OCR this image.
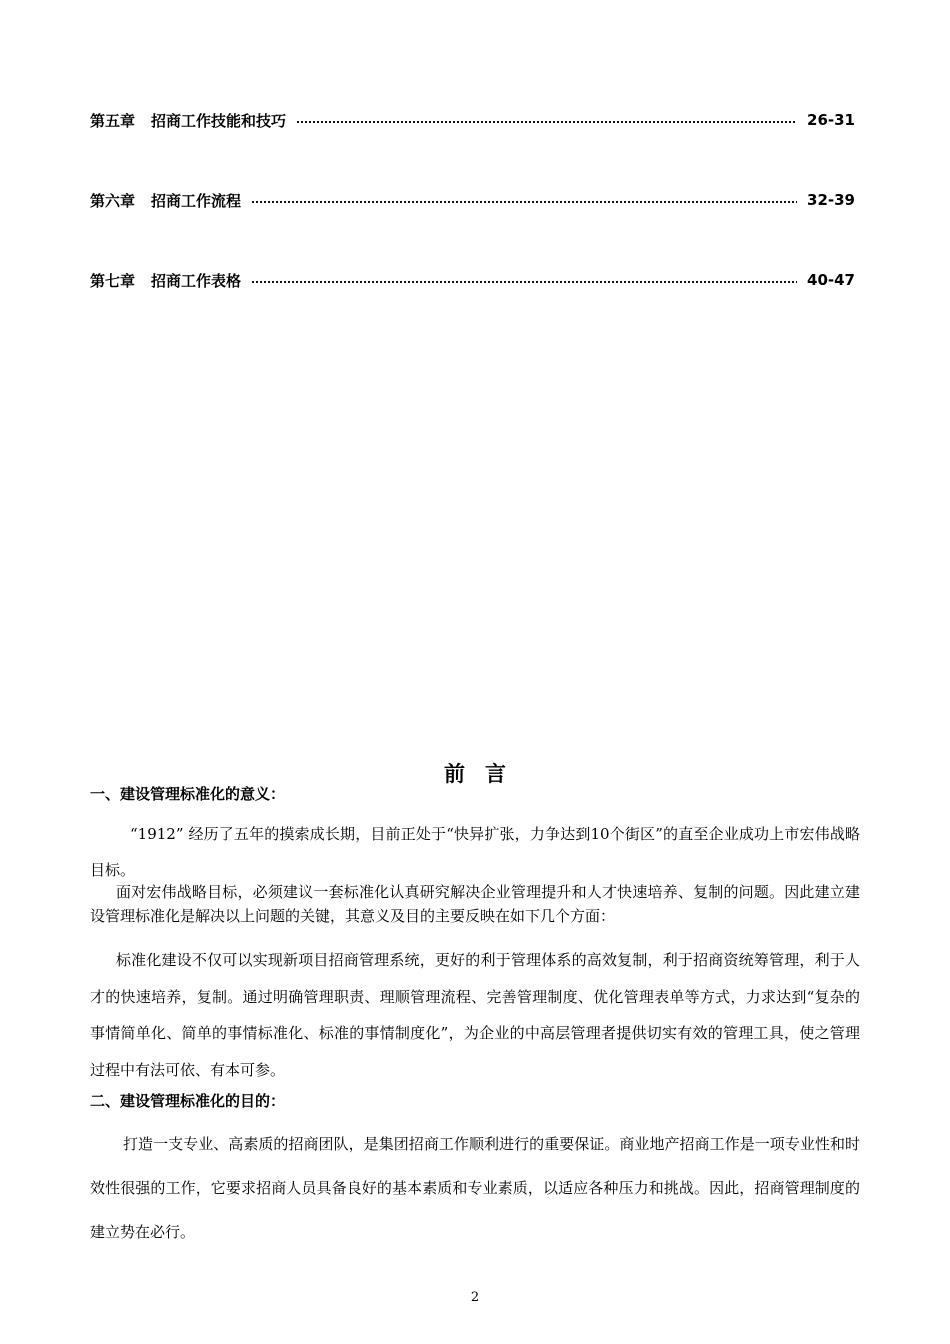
第五章 招商工作技能和技巧	26-31
第六章 招商工作流程	32-39
第七章 招商工作表格	40-47
前言
一、建设管理标准化的意义：

“1912” 经历了五年的摸索成长期，目前正处于“快异扩张，力争达到10个街区”的直至企业成功上市宏伟战略目标。

面对宏伟战略目标，必须建议一套标准化认真研究解决企业管理提升和人才快速培养、复制的问题。因此建立建设管理标准化是解决以上问题的关键，其意义及目的主要反映在如下几个方面：

标准化建设不仅可以实现新项目招商管理系统，更好的利于管理体系的高效复制，利于招商资统筹管理，利于人才的快速培养，复制。通过明确管理职责、理顺管理流程、完善管理制度、优化管理表单等方式，力求达到“复杂的事情简单化、简单的事情标准化、标准的事情制度化”，为企业的中高层管理者提供切实有效的管理工具，使之管理过程中有法可依、有本可参。

二、建设管理标准化的目的：

打造一支专业、高素质的招商团队，是集团招商工作顺利进行的重要保证。商业地产招商工作是一项专业性和时效性很强的工作，它要求招商人员具备良好的基本素质和专业素质，以适应各种压力和挑战。因此，招商管理制度的建立势在必行。

2
